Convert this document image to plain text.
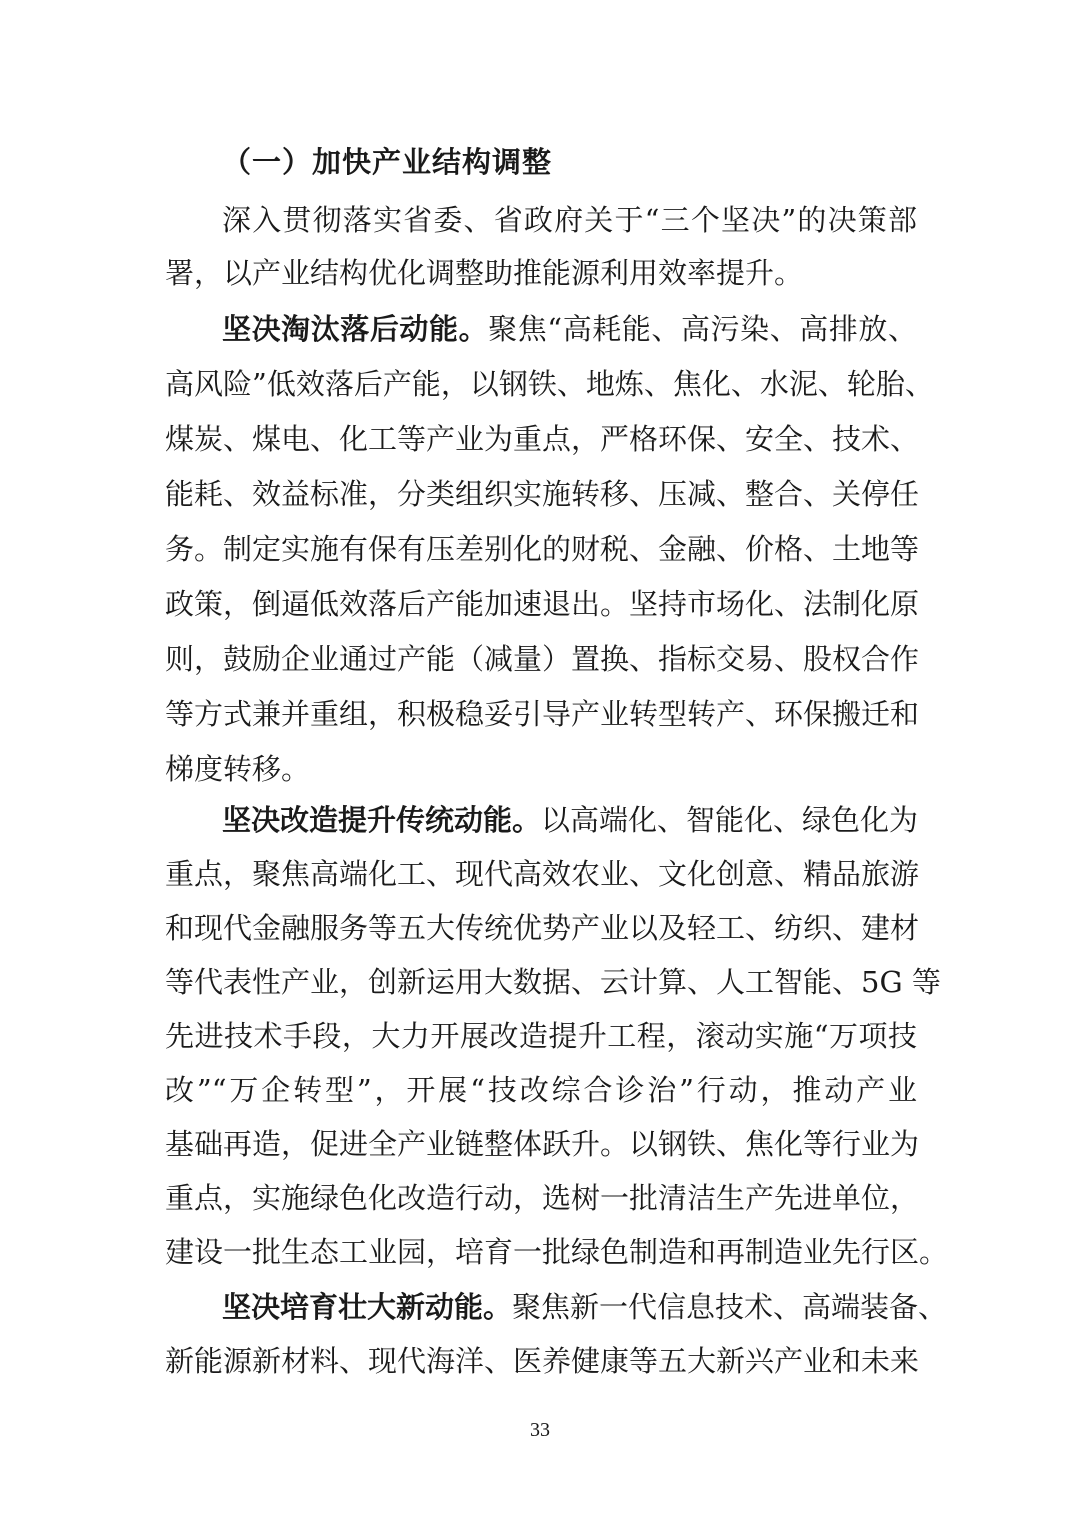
（一）加快产业结构调整
深入贯彻落实省委、省政府关于“三个坚决”的决策部
署，以产业结构优化调整助推能源利用效率提升。
坚决淘汰落后动能。聚焦“高耗能、高污染、高排放、
高风险”低效落后产能，以钢铁、地炼、焦化、水泥、轮胎、
煤炭、煤电、化工等产业为重点，严格环保、安全、技术、
能耗、效益标准，分类组织实施转移、压减、整合、关停任
务。制定实施有保有压差别化的财税、金融、价格、土地等
政策，倒逼低效落后产能加速退出。坚持市场化、法制化原
则，鼓励企业通过产能（减量）置换、指标交易、股权合作
等方式兼并重组，积极稳妥引导产业转型转产、环保搬迁和
梯度转移。
坚决改造提升传统动能。以高端化、智能化、绿色化为
重点，聚焦高端化工、现代高效农业、文化创意、精品旅游
和现代金融服务等五大传统优势产业以及轻工、纺织、建材
等代表性产业，创新运用大数据、云计算、人工智能、5G 等
先进技术手段，大力开展改造提升工程，滚动实施“万项技
改”“万企转型”，开展“技改综合诊治”行动，推动产业
基础再造，促进全产业链整体跃升。以钢铁、焦化等行业为
重点，实施绿色化改造行动，选树一批清洁生产先进单位，
建设一批生态工业园，培育一批绿色制造和再制造业先行区。
坚决培育壮大新动能。聚焦新一代信息技术、高端装备、
新能源新材料、现代海洋、医养健康等五大新兴产业和未来
33
